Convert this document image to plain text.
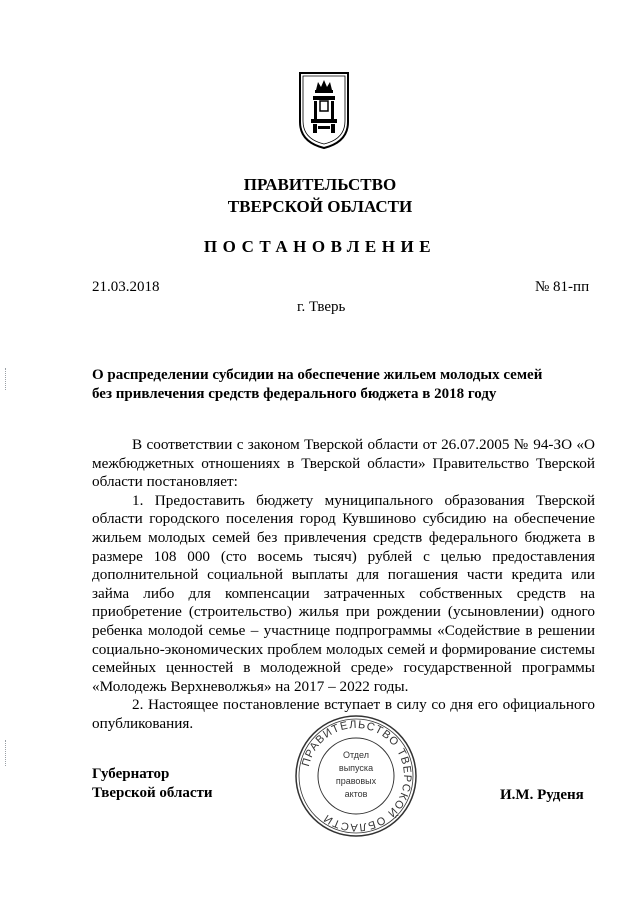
ПРАВИТЕЛЬСТВО
ТВЕРСКОЙ ОБЛАСТИ
ПОСТАНОВЛЕНИЕ
21.03.2018	№ 81-пп
г. Тверь
О распределении субсидии на обеспечение жильем молодых семей
без привлечения средств федерального бюджета в 2018 году

В соответствии с законом Тверской области от 26.07.2005 № 94-ЗО «О межбюджетных отношениях в Тверской области» Правительство Тверской области постановляет:

1. Предоставить бюджету муниципального образования Тверской области городского поселения город Кувшиново субсидию на обеспечение жильем молодых семей без привлечения средств федерального бюджета в размере 108 000 (сто восемь тысяч) рублей с целью предоставления дополнительной социальной выплаты для погашения части кредита или займа либо для компенсации затраченных собственных средств на приобретение (строительство) жилья при рождении (усыновлении) одного ребенка молодой семье – участнице подпрограммы «Содействие в решении социально-экономических проблем молодых семей и формирование системы семейных ценностей в молодежной среде» государственной программы «Молодежь Верхневолжья» на 2017 – 2022 годы.

2. Настоящее постановление вступает в силу со дня его официального опубликования.

Губернатор
Тверской области	И.М. Руденя
ПРАВИТЕЛЬСТВО ТВЕРСКОЙ ОБЛАСТИ
Отдел
выпуска
правовых
актов
